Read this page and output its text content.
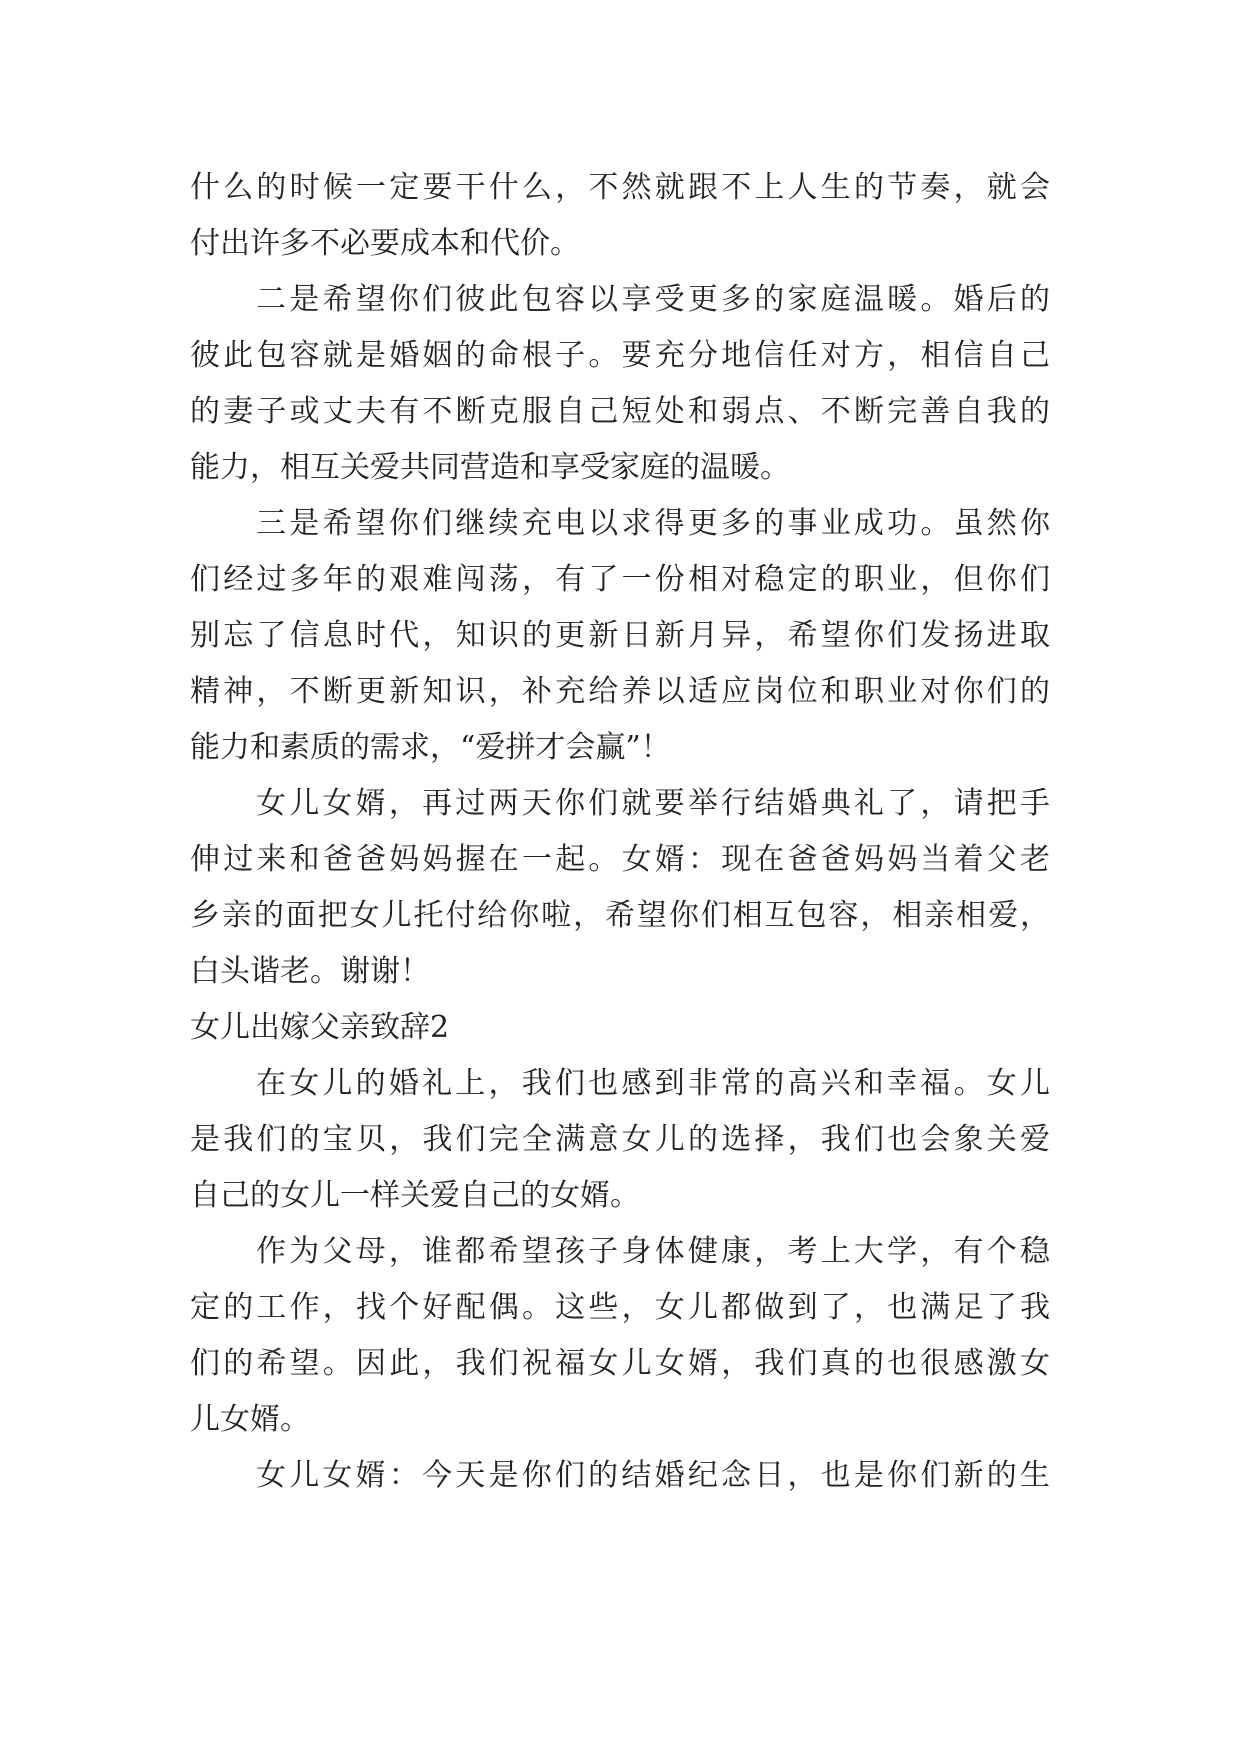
什么的时候一定要干什么，不然就跟不上人生的节奏，就会
付出许多不必要成本和代价。
二是希望你们彼此包容以享受更多的家庭温暖。婚后的
彼此包容就是婚姻的命根子。要充分地信任对方，相信自己
的妻子或丈夫有不断克服自己短处和弱点、不断完善自我的
能力，相互关爱共同营造和享受家庭的温暖。
三是希望你们继续充电以求得更多的事业成功。虽然你
们经过多年的艰难闯荡，有了一份相对稳定的职业，但你们
别忘了信息时代，知识的更新日新月异，希望你们发扬进取
精神，不断更新知识，补充给养以适应岗位和职业对你们的
能力和素质的需求，“爱拼才会赢”！
女儿女婿，再过两天你们就要举行结婚典礼了，请把手
伸过来和爸爸妈妈握在一起。女婿：现在爸爸妈妈当着父老
乡亲的面把女儿托付给你啦，希望你们相互包容，相亲相爱，
白头谐老。谢谢！
女儿出嫁父亲致辞2
在女儿的婚礼上，我们也感到非常的高兴和幸福。女儿
是我们的宝贝，我们完全满意女儿的选择，我们也会象关爱
自己的女儿一样关爱自己的女婿。
作为父母，谁都希望孩子身体健康，考上大学，有个稳
定的工作，找个好配偶。这些，女儿都做到了，也满足了我
们的希望。因此，我们祝福女儿女婿，我们真的也很感激女
儿女婿。
女儿女婿：今天是你们的结婚纪念日，也是你们新的生
